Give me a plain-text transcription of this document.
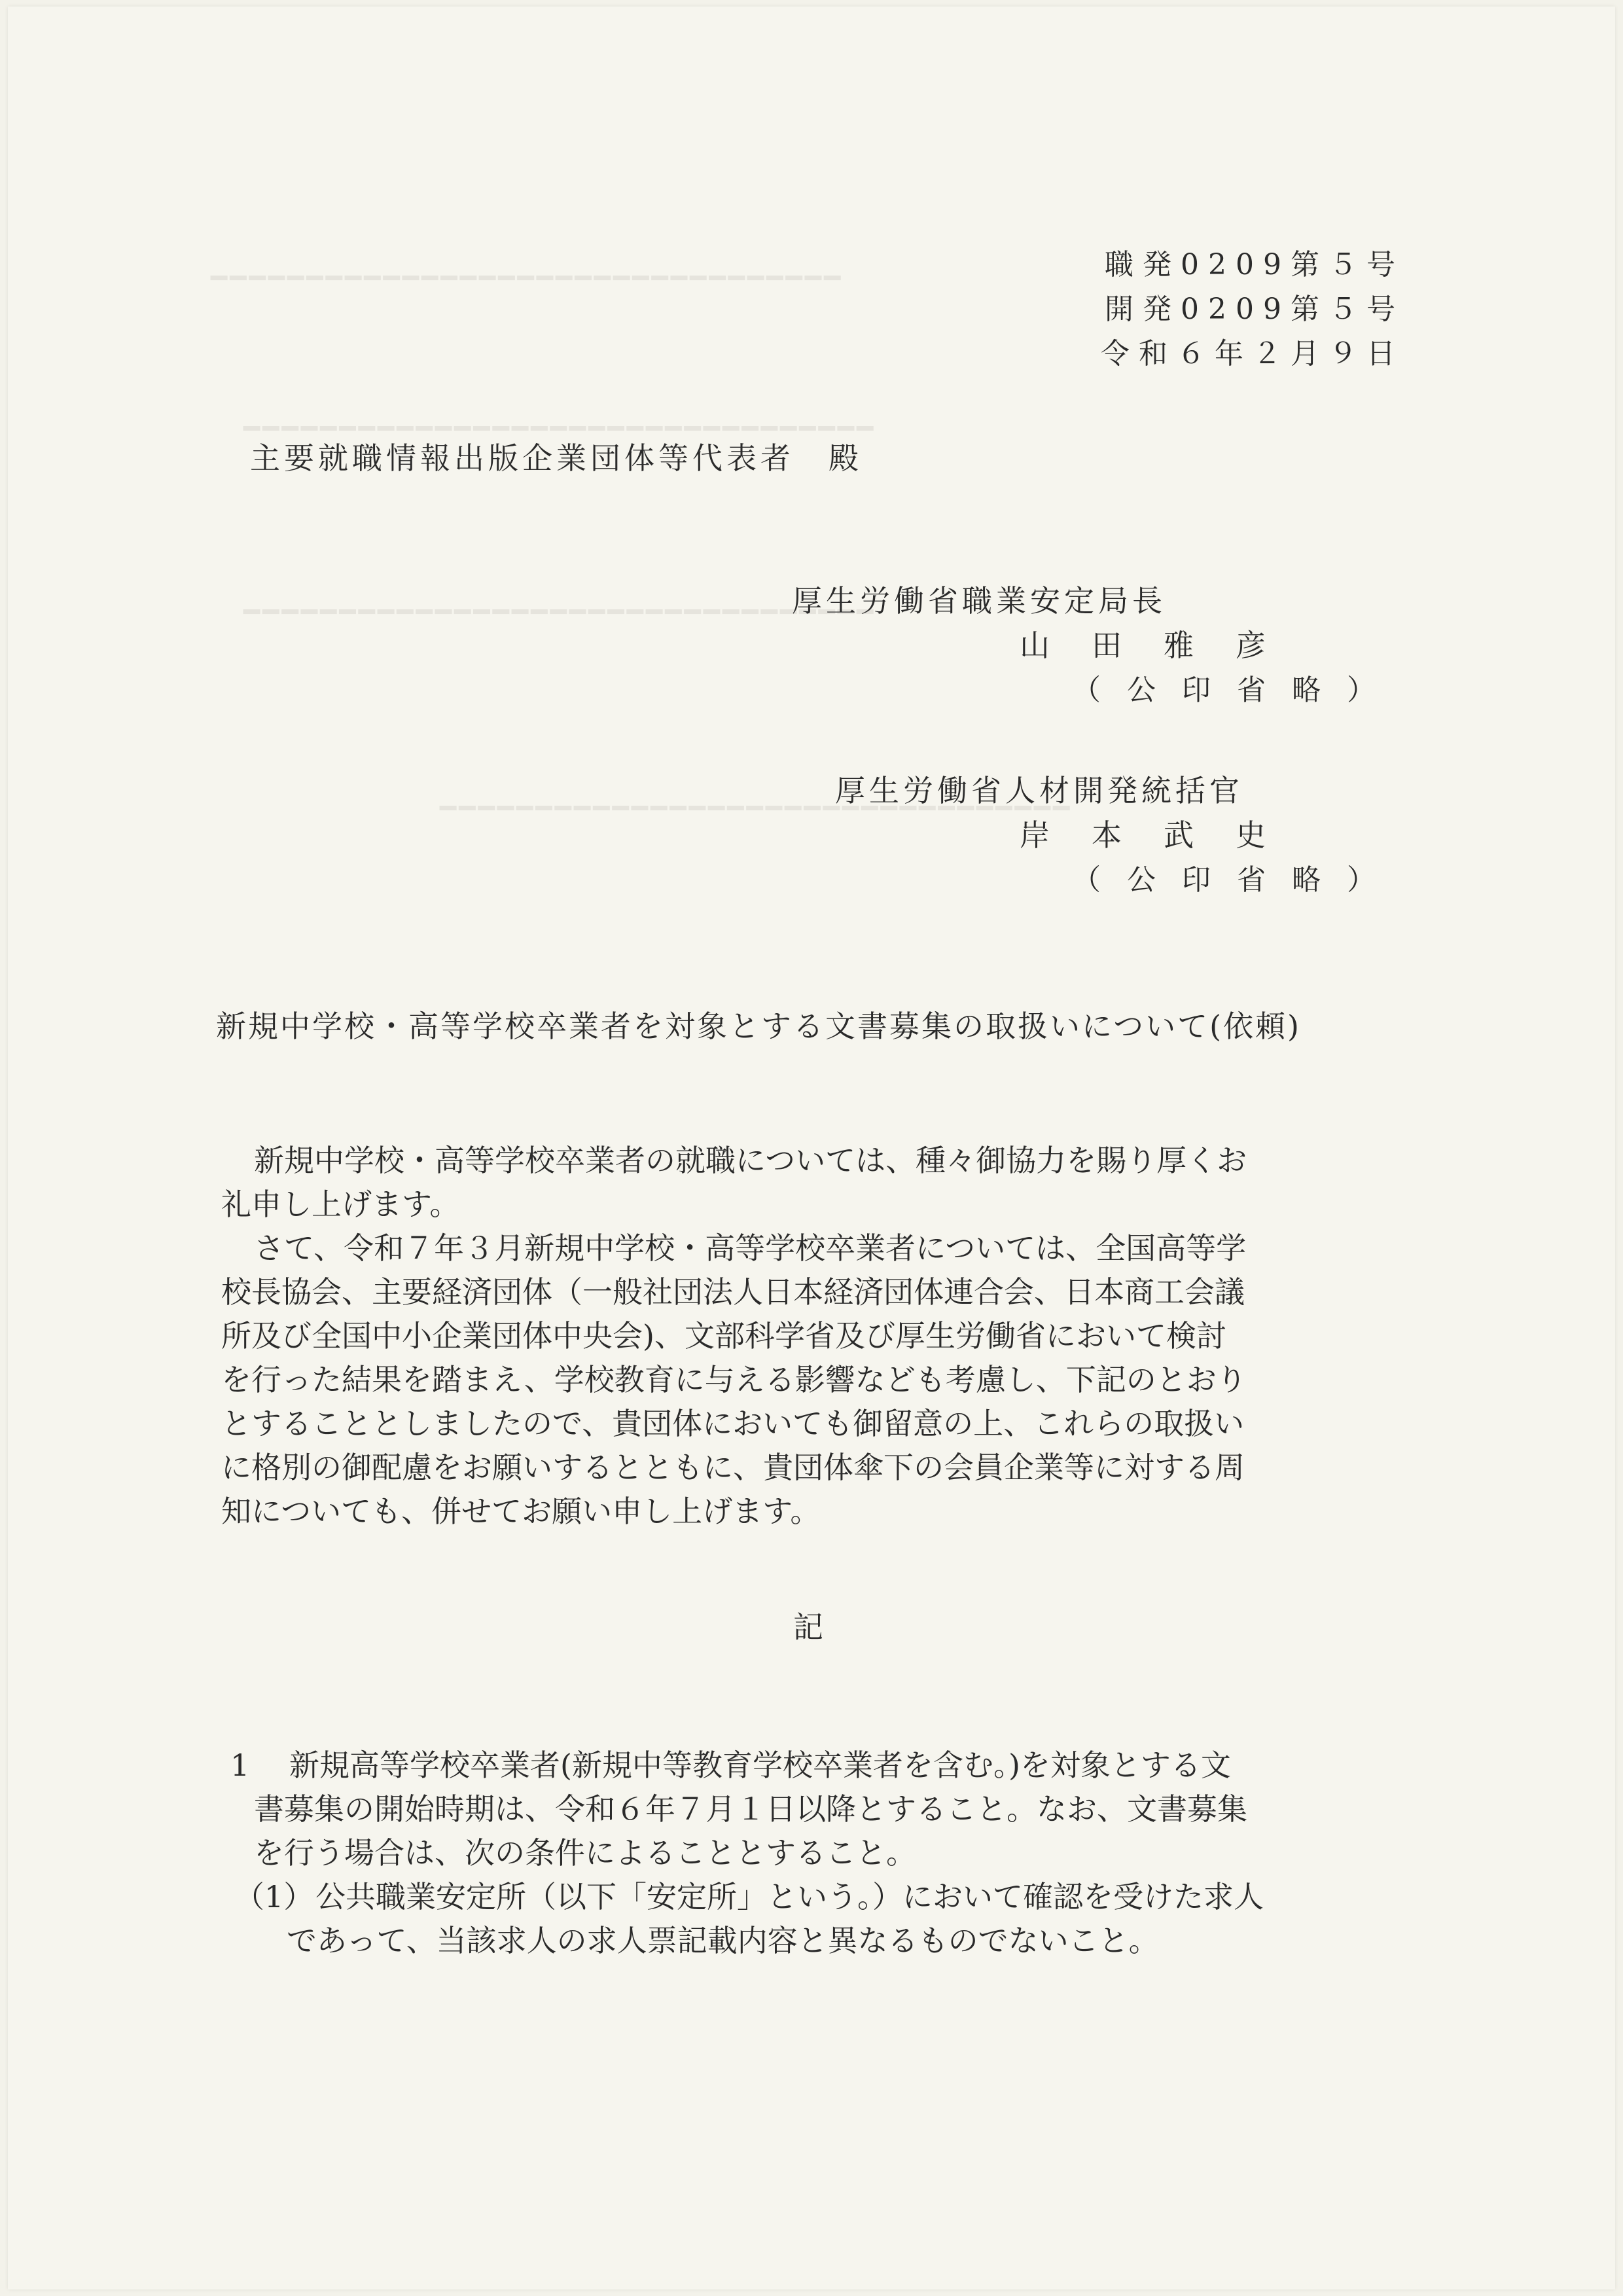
━━━━━━━━━━━━━━━━━━━━━━━━━━━━━━━━━
━━━━━━━━━━━━━━━━━━━━━━━━━━━━━━━━━
━━━━━━━━━━━━━━━━━━━━━━━━━━━━━━━━━
━━━━━━━━━━━━━━━━━━━━━━━━━━━━━━━━━
職発0209第５号
開発0209第５号
令和６年２月９日
主要就職情報出版企業団体等代表者　殿
厚生労働省職業安定局長
山田雅彦
（公印省略）
厚生労働省人材開発統括官
岸本武史
（公印省略）
新規中学校・高等学校卒業者を対象とする文書募集の取扱いについて(依頼)
新規中学校・高等学校卒業者の就職については、種々御協力を賜り厚くお
礼申し上げます。
さて、令和７年３月新規中学校・高等学校卒業者については、全国高等学
校長協会、主要経済団体（一般社団法人日本経済団体連合会、日本商工会議
所及び全国中小企業団体中央会)、文部科学省及び厚生労働省において検討
を行った結果を踏まえ、学校教育に与える影響なども考慮し、下記のとおり
とすることとしましたので、貴団体においても御留意の上、これらの取扱い
に格別の御配慮をお願いするとともに、貴団体傘下の会員企業等に対する周
知についても、併せてお願い申し上げます。
記
1 新規高等学校卒業者(新規中等教育学校卒業者を含む。)を対象とする文
書募集の開始時期は、令和６年７月１日以降とすること。なお、文書募集
を行う場合は、次の条件によることとすること。
（1） 公共職業安定所（以下「安定所」という。）において確認を受けた求人
であって、当該求人の求人票記載内容と異なるものでないこと。
